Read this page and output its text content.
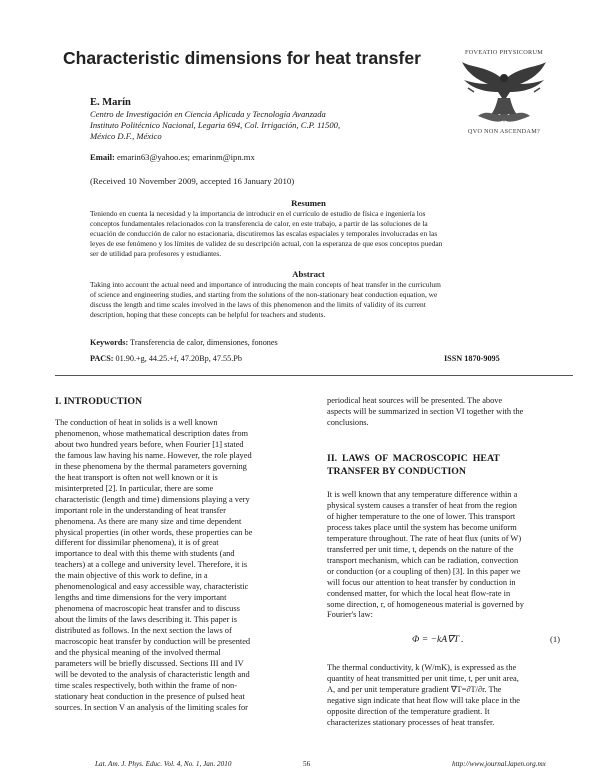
Characteristic dimensions for heat transfer	FOVEATIO PHYSICORUM
QVO NON ASCENDAM?
E. Marín
Centro de Investigación en Ciencia Aplicada y Tecnología Avanzada
Instituto Politécnico Nacional, Legaria 694, Col. Irrigación, C.P. 11500,
México D.F., México
Email: emarin63@yahoo.es; emarinm@ipn.mx
(Received 10 November 2009, accepted 16 January 2010)
Resumen
Teniendo en cuenta la necesidad y la importancia de introducir en el currículo de estudio de física e ingeniería los
conceptos fundamentales relacionados con la transferencia de calor, en este trabajo, a partir de las soluciones de la
ecuación de conducción de calor no estacionaria, discutiremos las escalas espaciales y temporales involucradas en las
leyes de ese fenómeno y los límites de validez de su descripción actual, con la esperanza de que esos conceptos puedan
ser de utilidad para profesores y estudiantes.
Abstract
Taking into account the actual need and importance of introducing the main concepts of heat transfer in the curriculum
of science and engineering studies, and starting from the solutions of the non-stationary heat conduction equation, we
discuss the length and time scales involved in the laws of this phenomenon and the limits of validity of its current
description, hoping that these concepts can be helpful for teachers and students.
Keywords: Transferencia de calor, dimensiones, fonones
PACS: 01.90.+g, 44.25.+f, 47.20Bp, 47.55.Pb	ISSN 1870-9095
I. INTRODUCTION
The conduction of heat in solids is a well known
phenomenon, whose mathematical description dates from
about two hundred years before, when Fourier [1] stated
the famous law having his name. However, the role played
in these phenomena by the thermal parameters governing
the heat transport is often not well known or it is
misinterpreted [2]. In particular, there are some
characteristic (length and time) dimensions playing a very
important role in the understanding of heat transfer
phenomena. As there are many size and time dependent
physical properties (in other words, these properties can be
different for dissimilar phenomena), it is of great
importance to deal with this theme with students (and
teachers) at a college and university level. Therefore, it is
the main objective of this work to define, in a
phenomenological and easy accessible way, characteristic
lengths and time dimensions for the very important
phenomena of macroscopic heat transfer and to discuss
about the limits of the laws describing it. This paper is
distributed as follows. In the next section the laws of
macroscopic heat transfer by conduction will be presented
and the physical meaning of the involved thermal
parameters will be briefly discussed. Sections III and IV
will be devoted to the analysis of characteristic length and
time scales respectively, both within the frame of non-
stationary heat conduction in the presence of pulsed heat
sources. In section V an analysis of the limiting scales for
periodical heat sources will be presented. The above
aspects will be summarized in section VI together with the
conclusions.
II.  LAWS  OF  MACROSCOPIC  HEAT
TRANSFER BY CONDUCTION
It is well known that any temperature difference within a
physical system causes a transfer of heat from the region
of higher temperature to the one of lower. This transport
process takes place until the system has become uniform
temperature throughout. The rate of heat flux (units of W)
transferred per unit time, t, depends on the nature of the
transport mechanism, which can be radiation, convection
or conduction (or a coupling of then) [3]. In this paper we
will focus our attention to heat transfer by conduction in
condensed matter, for which the local heat flow-rate in
some direction, r, of homogeneous material is governed by
Fourier's law:
Φ = −kA∇T .	(1)
The thermal conductivity, k (W/mK), is expressed as the
quantity of heat transmitted per unit time, t, per unit area,
A, and per unit temperature gradient ∇T=∂T/∂r. The
negative sign indicate that heat flow will take place in the
opposite direction of the temperature gradient. It
characterizes stationary processes of heat transfer.
Lat. Am. J. Phys. Educ. Vol. 4, No. 1, Jan. 2010	56	http://www.journal.lapen.org.mx
